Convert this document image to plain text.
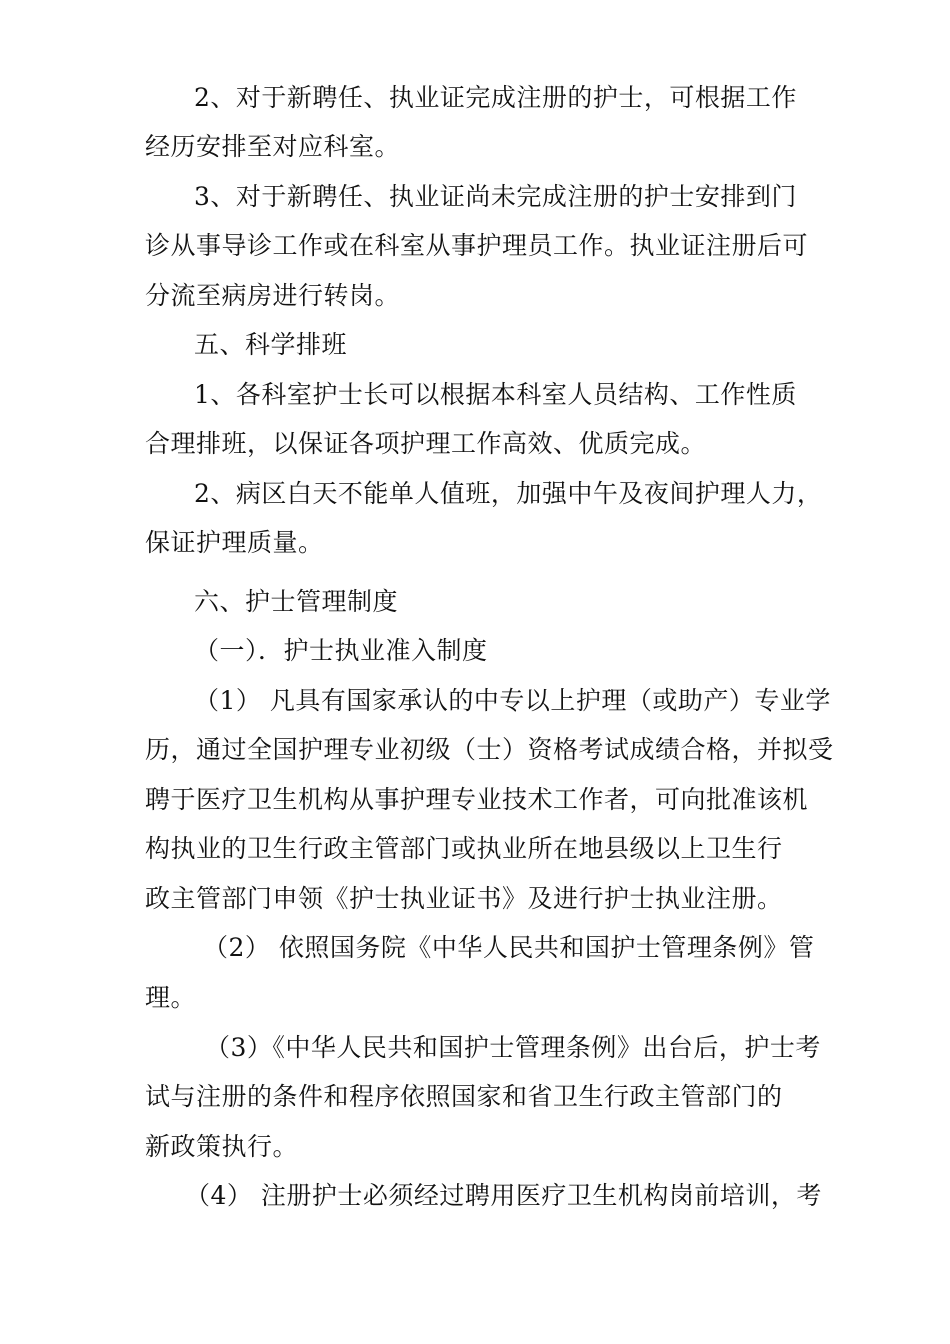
2、对于新聘任、执业证完成注册的护士，可根据工作
经历安排至对应科室。
3、对于新聘任、执业证尚未完成注册的护士安排到门
诊从事导诊工作或在科室从事护理员工作。执业证注册后可
分流至病房进行转岗。
五、科学排班
1、各科室护士长可以根据本科室人员结构、工作性质
合理排班，以保证各项护理工作高效、优质完成。
2、病区白天不能单人值班，加强中午及夜间护理人力，
保证护理质量。
六、护士管理制度
（一）．护士执业准入制度
（1） 凡具有国家承认的中专以上护理（或助产）专业学
历，通过全国护理专业初级（士）资格考试成绩合格，并拟受
聘于医疗卫生机构从事护理专业技术工作者，可向批准该机
构执业的卫生行政主管部门或执业所在地县级以上卫生行
政主管部门申领《护士执业证书》及进行护士执业注册。
（2） 依照国务院《中华人民共和国护士管理条例》管
理。
（3）《中华人民共和国护士管理条例》出台后，护士考
试与注册的条件和程序依照国家和省卫生行政主管部门的
新政策执行。
（4） 注册护士必须经过聘用医疗卫生机构岗前培训，考
